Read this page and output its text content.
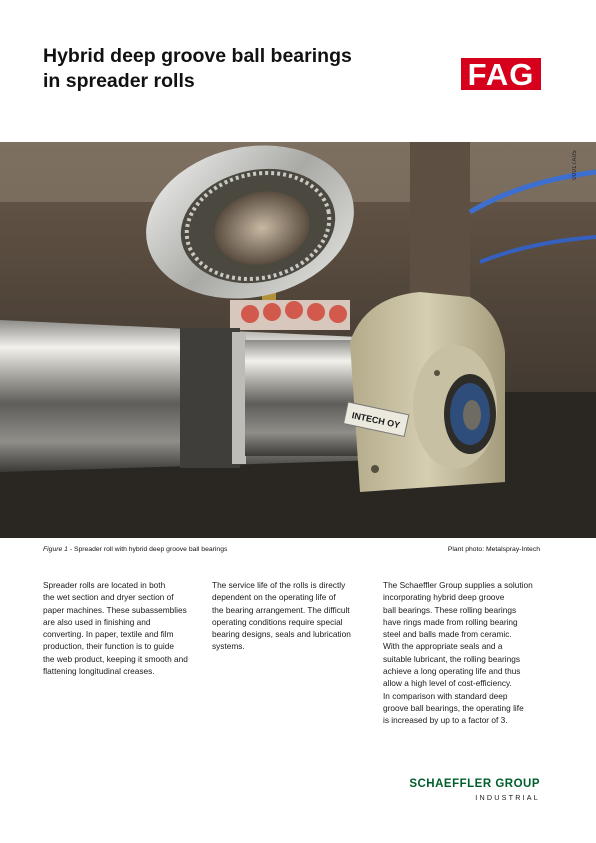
Hybrid deep groove ball bearings
in spreader rolls	FAG
INTECH OY
00017A05
Figure 1 - Spreader roll with hybrid deep groove ball bearings	Plant photo: Metalspray-Intech

Spreader rolls are located in both
the wet section and dryer section of
paper machines. These subassemblies
are also used in finishing and
converting. In paper, textile and film
production, their function is to guide
the web product, keeping it smooth and
flattening longitudinal creases.

The service life of the rolls is directly
dependent on the operating life of
the bearing arrangement. The difficult
operating conditions require special
bearing designs, seals and lubrication
systems.

The Schaeffler Group supplies a solution
incorporating hybrid deep groove
ball bearings. These rolling bearings
have rings made from rolling bearing
steel and balls made from ceramic.
With the appropriate seals and a
suitable lubricant, the rolling bearings
achieve a long operating life and thus
allow a high level of cost-efficiency.
In comparison with standard deep
groove ball bearings, the operating life
is increased by up to a factor of 3.

SCHAEFFLER GROUP
INDUSTRIAL
